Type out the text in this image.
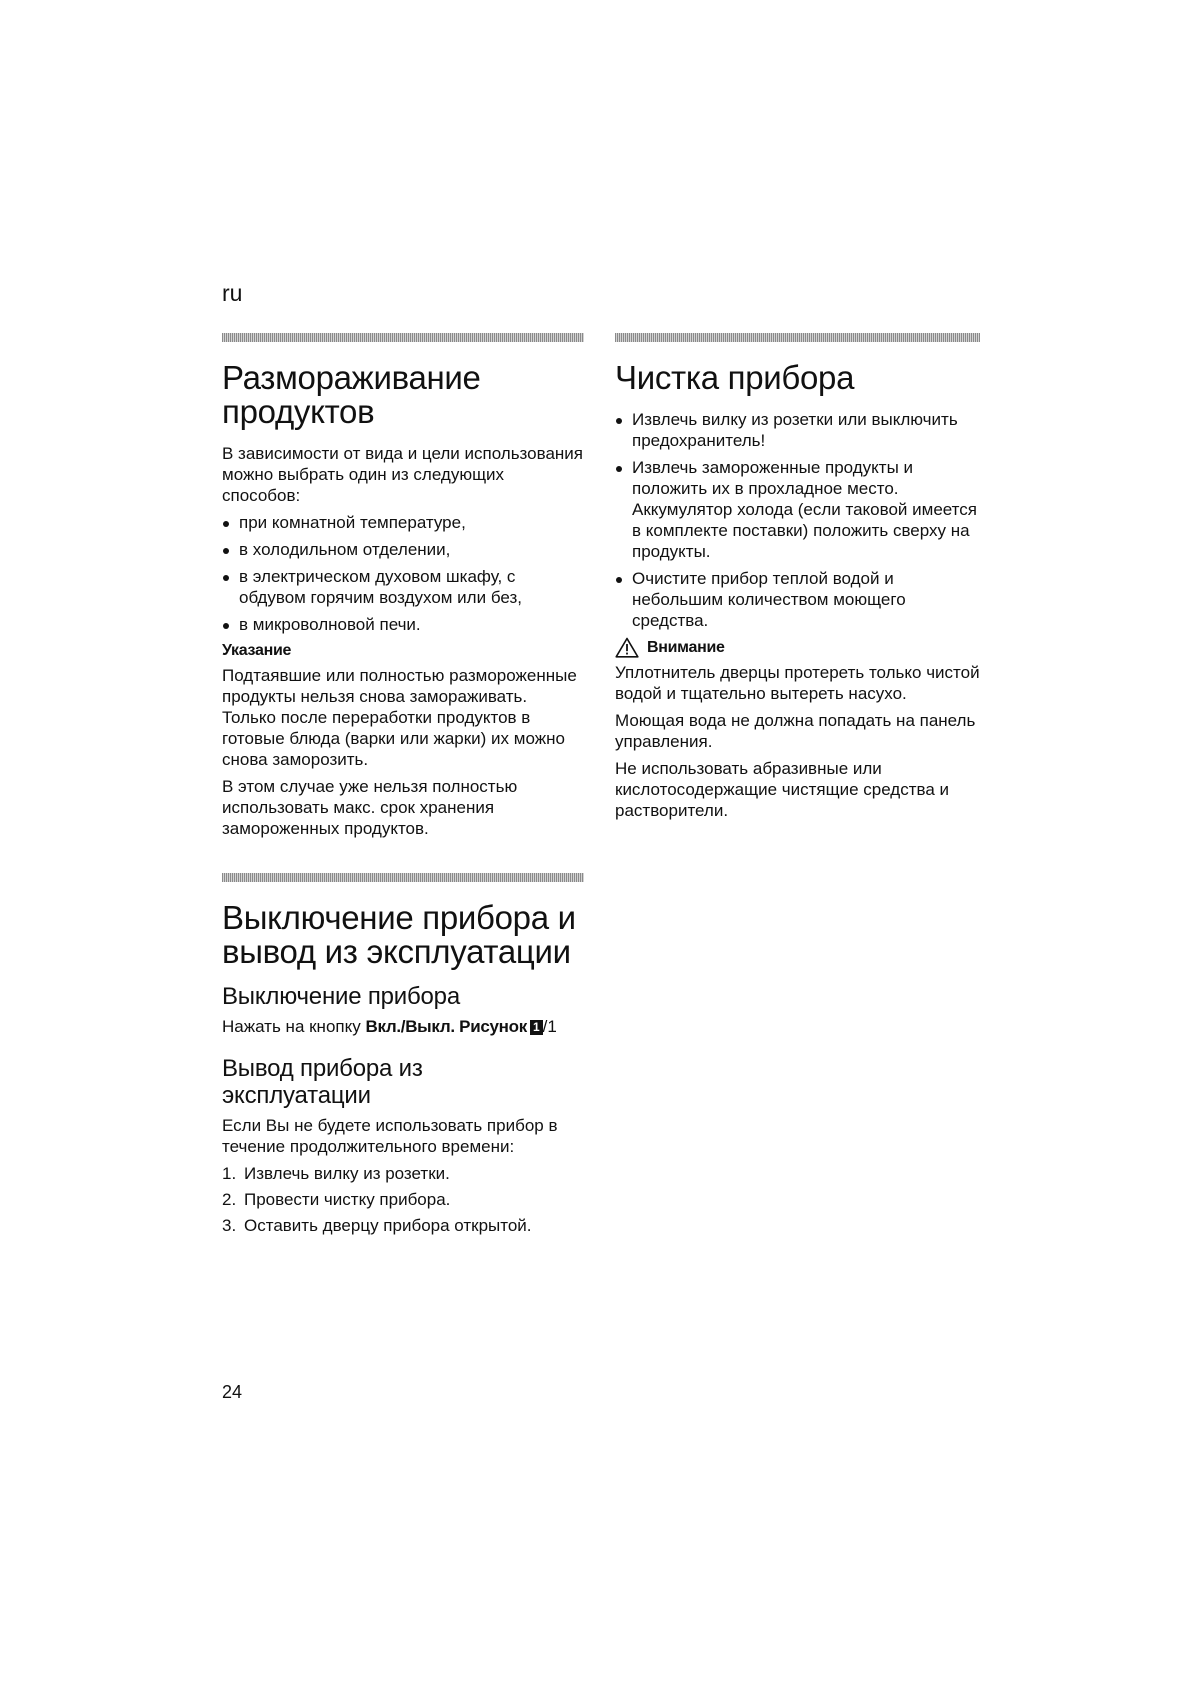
ru
Размораживание
продуктов

В зависимости от вида и цели использования можно выбрать один из следующих способов:

при комнатной температуре,
в холодильном отделении,
в электрическом духовом шкафу, с обдувом горячим воздухом или без,
в микроволновой печи.
Указание

Подтаявшие или полностью размороженные продукты нельзя снова замораживать. Только после переработки продуктов в готовые блюда (варки или жарки) их можно снова заморозить.

В этом случае уже нельзя полностью использовать макс. срок хранения замороженных продуктов.

Чистка прибора
Извлечь вилку из розетки или выключить предохранитель!
Извлечь замороженные продукты и положить их в прохладное место. Аккумулятор холода (если таковой имеется в комплекте поставки) положить сверху на продукты.
Очистите прибор теплой водой и небольшим количеством моющего средства.
Внимание

Уплотнитель дверцы протереть только чистой водой и тщательно вытереть насухо.

Моющая вода не должна попадать на панель управления.

Не использовать абразивные или кислотосодержащие чистящие средства и растворители.

Выключение прибора и
вывод из эксплуатации
Выключение прибора

Нажать на кнопку Вкл./Выкл. Рисунок 1 /1

Вывод прибора из
эксплуатации

Если Вы не будете использовать прибор в течение продолжительного времени:

1. Извлечь вилку из розетки.
2. Провести чистку прибора.
3. Оставить дверцу прибора открытой.
24
